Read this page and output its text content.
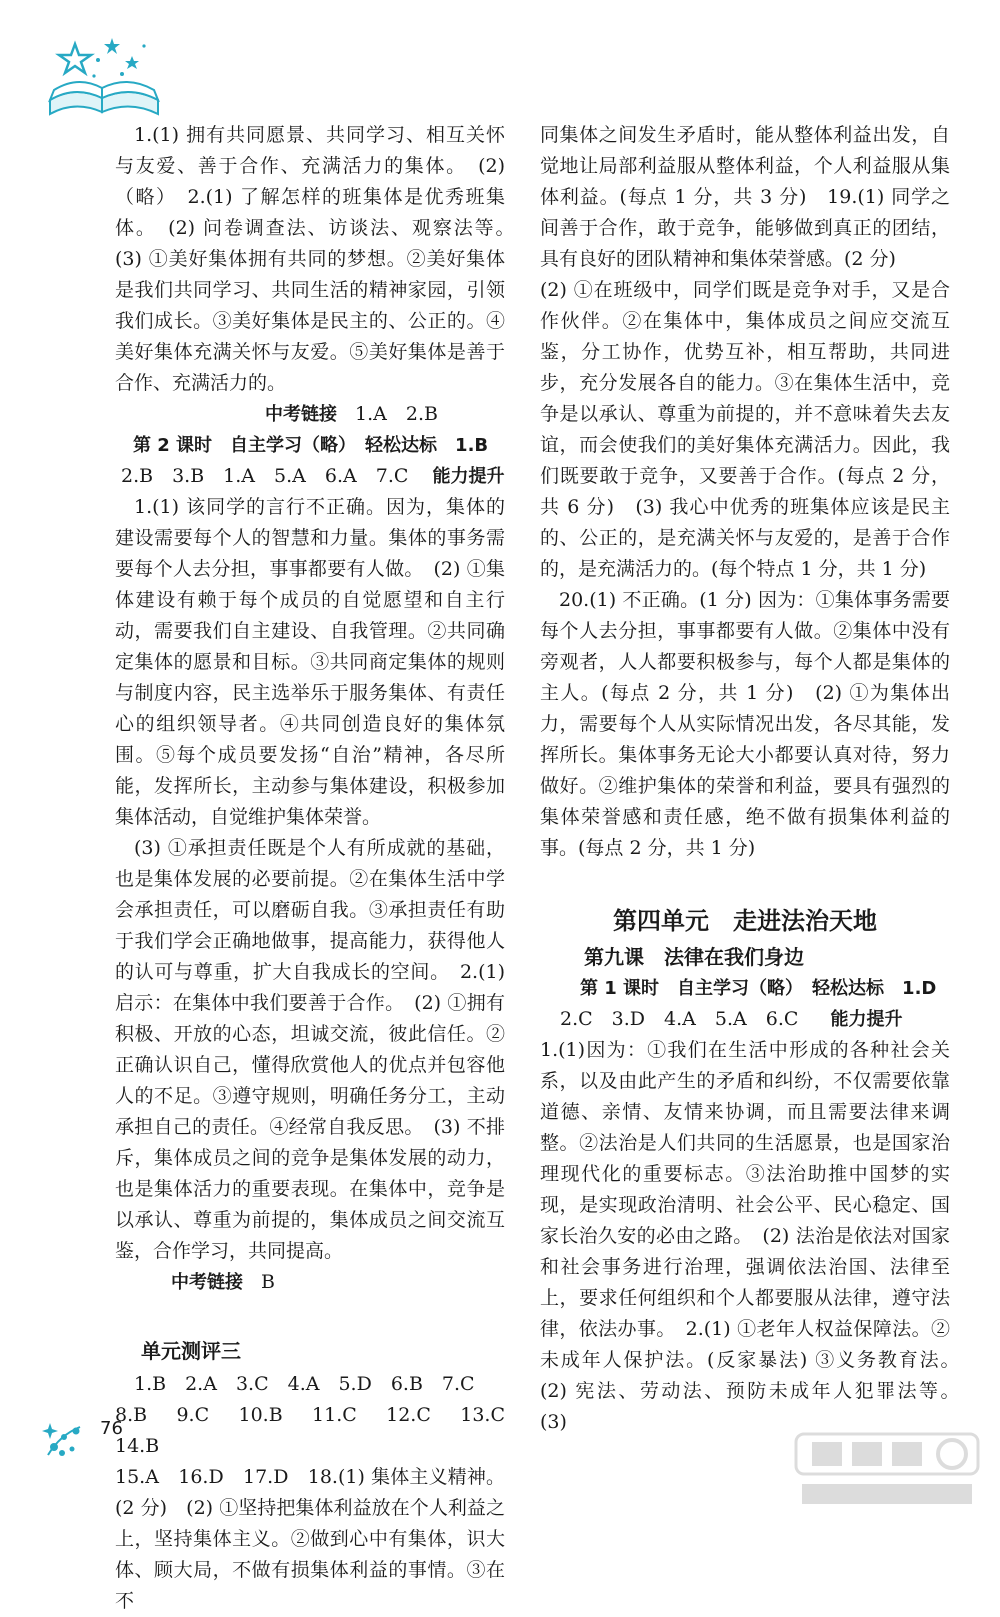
1.(1) 拥有共同愿景、共同学习、相互关怀与友爱、善于合作、充满活力的集体。　(2)（略）　2.(1) 了解怎样的班集体是优秀班集体。　(2) 问卷调查法、访谈法、观察法等。　(3) ①美好集体拥有共同的梦想。②美好集体是我们共同学习、共同生活的精神家园，引领我们成长。③美好集体是民主的、公正的。④美好集体充满关怀与友爱。⑤美好集体是善于合作、充满活力的。

中考链接 1.A　2.B

第 2 课时　自主学习（略）　轻松达标　1.B

2.B　3.B　1.A　5.A　6.A　7.C 能力提升

1.(1) 该同学的言行不正确。因为，集体的建设需要每个人的智慧和力量。集体的事务需要每个人去分担，事事都要有人做。　(2) ①集体建设有赖于每个成员的自觉愿望和自主行动，需要我们自主建设、自我管理。②共同确定集体的愿景和目标。③共同商定集体的规则与制度内容，民主选举乐于服务集体、有责任心的组织领导者。④共同创造良好的集体氛围。⑤每个成员要发扬“自治”精神，各尽所能，发挥所长，主动参与集体建设，积极参加集体活动，自觉维护集体荣誉。

(3) ①承担责任既是个人有所成就的基础，也是集体发展的必要前提。②在集体生活中学会承担责任，可以磨砺自我。③承担责任有助于我们学会正确地做事，提高能力，获得他人的认可与尊重，扩大自我成长的空间。　2.(1) 启示：在集体中我们要善于合作。　(2) ①拥有积极、开放的心态，坦诚交流，彼此信任。②正确认识自己，懂得欣赏他人的优点并包容他人的不足。③遵守规则，明确任务分工，主动承担自己的责任。④经常自我反思。　(3) 不排斥，集体成员之间的竞争是集体发展的动力，也是集体活力的重要表现。在集体中，竞争是以承认、尊重为前提的，集体成员之间交流互鉴，合作学习，共同提高。

中考链接 B

单元测评三

1.B　2.A　3.C　4.A　5.D　6.B　7.C

8.B　9.C　10.B　11.C　12.C　13.C　14.B

15.A　16.D　17.D　18.(1) 集体主义精神。(2 分)　(2) ①坚持把集体利益放在个人利益之上，坚持集体主义。②做到心中有集体，识大体、顾大局，不做有损集体利益的事情。③在不

同集体之间发生矛盾时，能从整体利益出发，自觉地让局部利益服从整体利益，个人利益服从集体利益。(每点 1 分，共 3 分)　19.(1) 同学之间善于合作，敢于竞争，能够做到真正的团结，具有良好的团队精神和集体荣誉感。(2 分)

(2) ①在班级中，同学们既是竞争对手，又是合作伙伴。②在集体中，集体成员之间应交流互鉴，分工协作，优势互补，相互帮助，共同进步，充分发展各自的能力。③在集体生活中，竞争是以承认、尊重为前提的，并不意味着失去友谊，而会使我们的美好集体充满活力。因此，我们既要敢于竞争，又要善于合作。(每点 2 分，共 6 分)　(3) 我心中优秀的班集体应该是民主的、公正的，是充满关怀与友爱的，是善于合作的，是充满活力的。(每个特点 1 分，共 1 分)

20.(1) 不正确。(1 分) 因为：①集体事务需要每个人去分担，事事都要有人做。②集体中没有旁观者，人人都要积极参与，每个人都是集体的主人。(每点 2 分，共 1 分)　(2) ①为集体出力，需要每个人从实际情况出发，各尽其能，发挥所长。集体事务无论大小都要认真对待，努力做好。②维护集体的荣誉和利益，要具有强烈的集体荣誉感和责任感，绝不做有损集体利益的事。(每点 2 分，共 1 分)

第四单元　走进法治天地

第九课　法律在我们身边

第 1 课时　自主学习（略）　轻松达标　1.D

2.C　3.D　4.A　5.A　6.C 能力提升

1.(1)因为：①我们在生活中形成的各种社会关系，以及由此产生的矛盾和纠纷，不仅需要依靠道德、亲情、友情来协调，而且需要法律来调整。②法治是人们共同的生活愿景，也是国家治理现代化的重要标志。③法治助推中国梦的实现，是实现政治清明、社会公平、民心稳定、国家长治久安的必由之路。　(2) 法治是依法对国家和社会事务进行治理，强调依法治国、法律至上，要求任何组织和个人都要服从法律，遵守法律，依法办事。　2.(1) ①老年人权益保障法。②未成年人保护法。(反家暴法) ③义务教育法。　(2) 宪法、劳动法、预防未成年人犯罪法等。　(3)

76
